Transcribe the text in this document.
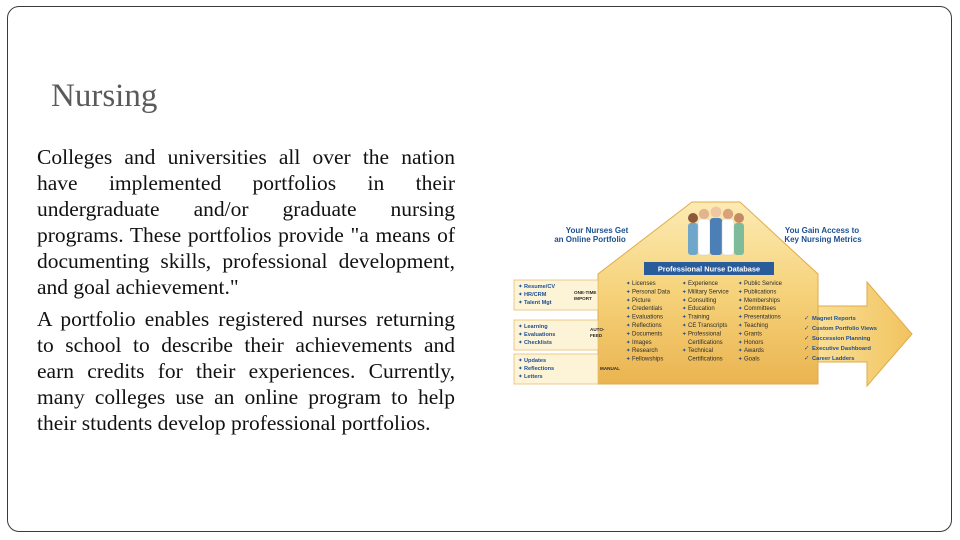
Nursing

Colleges and universities all over the nation have implemented portfolios in their undergraduate and/or graduate nursing programs. These portfolios provide "a means of documenting skills, professional development, and goal achievement."

A portfolio enables registered nurses returning to school to describe their achievements and earn credits for their experiences. Currently, many colleges use an online program to help their students develop professional portfolios.

Professional Nurse Database
Your Nurses Get
an Online Portfolio
You Gain Access to
Key Nursing Metrics
Resume/CV
HR/CRM
Talent Mgt
ONE-TIME
IMPORT
Learning
Evaluations
Checklists
AUTO-
FEED
Updates
Reflections
Letters
MANUAL
✦
✦
✦
✦
✦
✦
✦
✦
✦
✦ Licenses
✦ Personal Data
✦ Picture
✦ Credentials
✦ Evaluations
✦ Reflections
✦ Documents
✦ Images
✦ Research
✦ Fellowships
✦ Experience
✦ Military Service
✦ Consulting
✦ Education
✦ Training
✦ CE Transcripts
✦ Professional
Certifications
✦ Technical
Certifications
✦ Public Service
✦ Publications
✦ Memberships
✦ Committees
✦ Presentations
✦ Teaching
✦ Grants
✦ Honors
✦ Awards
✦ Goals
✓ Magnet Reports
✓ Custom Portfolio Views
✓ Succession Planning
✓ Executive Dashboard
✓ Career Ladders
